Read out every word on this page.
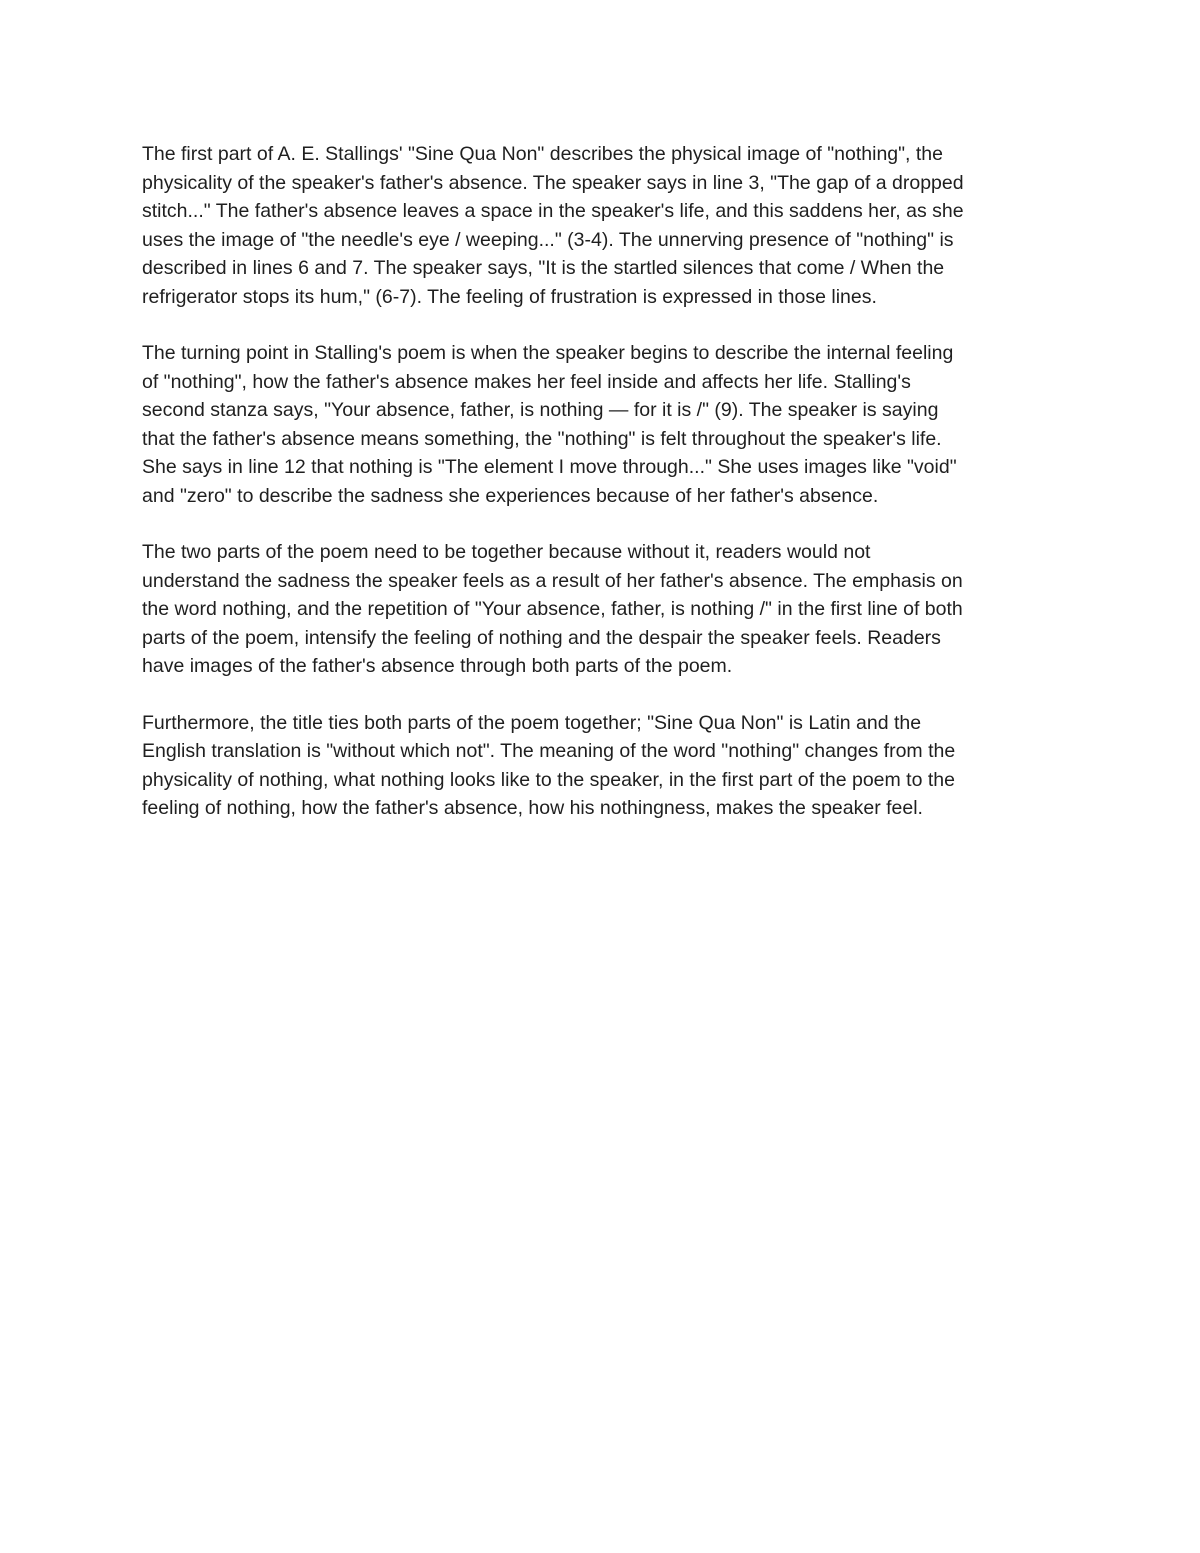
The first part of A. E. Stallings' "Sine Qua Non" describes the physical image of "nothing", the
physicality of the speaker's father's absence. The speaker says in line 3, "The gap of a dropped
stitch..." The father's absence leaves a space in the speaker's life, and this saddens her, as she
uses the image of "the needle's eye / weeping..." (3-4). The unnerving presence of "nothing" is
described in lines 6 and 7. The speaker says, "It is the startled silences that come / When the
refrigerator stops its hum," (6-7). The feeling of frustration is expressed in those lines.

The turning point in Stalling's poem is when the speaker begins to describe the internal feeling
of "nothing", how the father's absence makes her feel inside and affects her life. Stalling's
second stanza says, "Your absence, father, is nothing — for it is /" (9). The speaker is saying
that the father's absence means something, the "nothing" is felt throughout the speaker's life.
She says in line 12 that nothing is "The element I move through..." She uses images like "void"
and "zero" to describe the sadness she experiences because of her father's absence.

The two parts of the poem need to be together because without it, readers would not
understand the sadness the speaker feels as a result of her father's absence. The emphasis on
the word nothing, and the repetition of "Your absence, father, is nothing /" in the first line of both
parts of the poem, intensify the feeling of nothing and the despair the speaker feels. Readers
have images of the father's absence through both parts of the poem.

Furthermore, the title ties both parts of the poem together; "Sine Qua Non" is Latin and the
English translation is "without which not". The meaning of the word "nothing" changes from the
physicality of nothing, what nothing looks like to the speaker, in the first part of the poem to the
feeling of nothing, how the father's absence, how his nothingness, makes the speaker feel.
